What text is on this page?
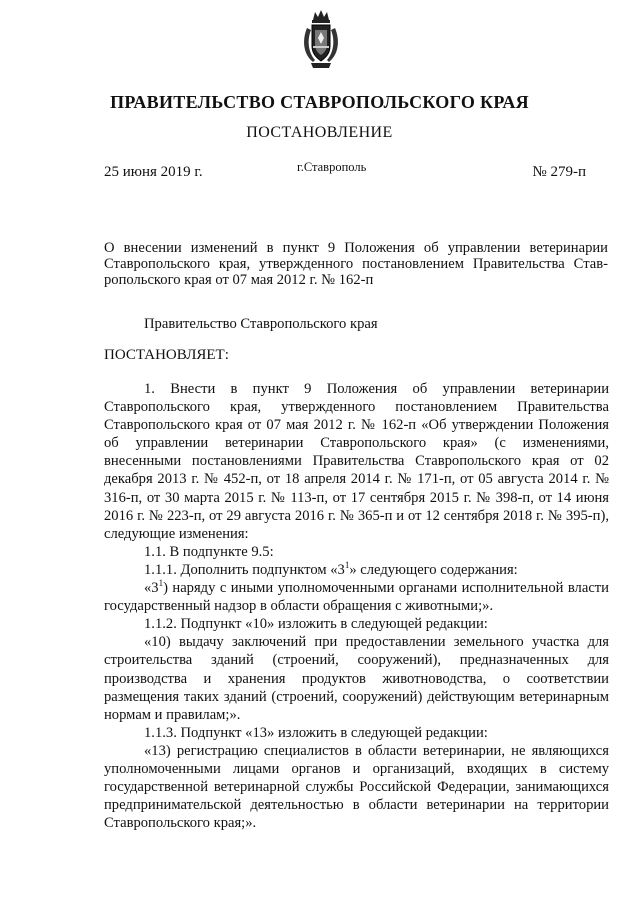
ПРАВИТЕЛЬСТВО СТАВРОПОЛЬСКОГО КРАЯ
ПОСТАНОВЛЕНИЕ
25 июня 2019 г.	г.Ставрополь	№ 279-п
О внесении изменений в пункт 9 Положения об управлении ветеринарии
Ставропольского края, утвержденного постановлением Правительства Став-
ропольского края от 07 мая 2012 г. № 162-п
Правительство Ставропольского края
ПОСТАНОВЛЯЕТ:

1. Внести в пункт 9 Положения об управлении ветеринарии Ставропольского края, утвержденного постановлением Правительства Ставропольского края от 07 мая 2012 г. № 162-п «Об утверждении Положения об управлении ветеринарии Ставропольского края» (с изменениями, внесенными постановлениями Правительства Ставропольского края от 02 декабря 2013 г. № 452-п, от 18 апреля 2014 г. № 171-п, от 05 августа 2014 г. № 316-п, от 30 марта 2015 г. № 113-п, от 17 сентября 2015 г. № 398-п, от 14 июня 2016 г. № 223-п, от 29 августа 2016 г. № 365-п и от 12 сентября 2018 г. № 395-п), следующие изменения:

1.1. В подпункте 9.5:

1.1.1. Дополнить подпунктом «$3^1$» следующего содержания:

«$3^1$) наряду с иными уполномоченными органами исполнительной власти государственный надзор в области обращения с животными;».

1.1.2. Подпункт «10» изложить в следующей редакции:

«10) выдачу заключений при предоставлении земельного участка для строительства зданий (строений, сооружений), предназначенных для производства и хранения продуктов животноводства, о соответствии размещения таких зданий (строений, сооружений) действующим ветеринарным нормам и правилам;».

1.1.3. Подпункт «13» изложить в следующей редакции:

«13) регистрацию специалистов в области ветеринарии, не являющихся уполномоченными лицами органов и организаций, входящих в систему государственной ветеринарной службы Российской Федерации, занимающихся предпринимательской деятельностью в области ветеринарии на территории Ставропольского края;».
